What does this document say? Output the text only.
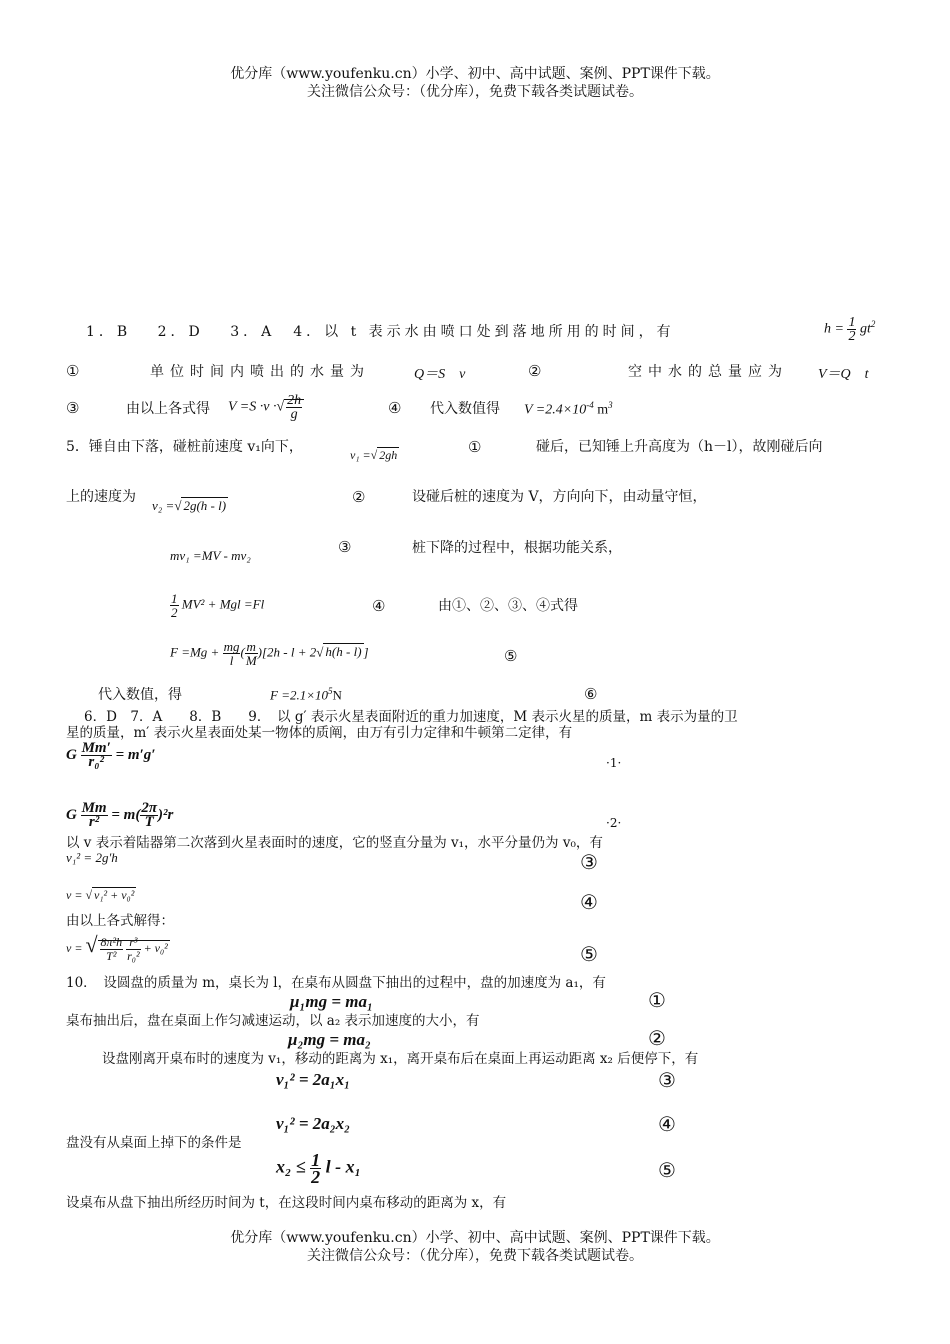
优分库（www.youfenku.cn）小学、初中、高中试题、案例、PPT课件下载。
关注微信公众号：（优分库），免费下载各类试题试卷。
1．B　 2．D　 3．A　4．以 t 表示水由喷口处到落地所用的时间，有	$h = \frac{1}{2} gt^2$
①	单位时间内喷出的水量为	Q＝S　v	②	空中水的总量应为 V＝Q　t
③	由以上各式得 V =S ·v ·√ $\frac{2h}{g}$	④ 代入数值得 $V =2.4\times 10^{-4}$ $m^3$
5．锤自由下落，碰桩前速度 v₁向下，	v₁ =√ 2gh	①	碰后，已知锤上升高度为（h－l），故刚碰后向
上的速度为
v₂ =√ 2g(h - l)	②	设碰后桩的速度为 V，方向向下，由动量守恒，
mv₁ =MV - mv₂	③	桩下降的过程中，根据功能关系，
$\frac{1}{2} MV^2$ + Mgl =Fl	④	由①、②、③、④式得
$F =Mg + \frac{mg}{l}$ ( $\frac{m}{M} )[2h - l + 2√$ h(h - l) ]	⑤
代入数值，得	$F =2.1\times 10^5N$	⑥
6．D　7．A　　8．B　　9．　以 g′ 表示火星表面附近的重力加速度，M 表示火星的质量，m 表示为量的卫
星的质量，m′ 表示火星表面处某一物体的质阐，由万有引力定律和牛顿第二定律，有
G $\frac{Mm'}{\text{r₀²}} = m'g'$
·1·
G $\frac{Mm}{\text{r²}} = m( \frac{2\pi}{T} )^2r$
·2·
以 v 表示着陆器第二次落到火星表面时的速度，它的竖直分量为 v₁，水平分量仍为 v₀，有
v₁² = 2g′h	③
v = √ v₁² + v₀²	④
由以上各式解得：
v = √ $\frac{\text{8π²h}}{\text{T²}}$
$\frac{\text{r³}}{\text{r₀²}} + v_0^2$	⑤
10．　设圆盘的质量为 m，桌长为 l，在桌布从圆盘下抽出的过程中，盘的加速度为 a₁，有
μ₁mg = ma₁	①
桌布抽出后，盘在桌面上作匀减速运动，以 a₂ 表示加速度的大小，有
μ₂mg = ma₂	②
设盘刚离开桌布时的速度为 v₁，移动的距离为 x₁，离开桌布后在桌面上再运动距离 x₂ 后便停下，有
v₁² = 2a₁x₁	③
v₁² = 2a₂x₂	④
盘没有从桌面上掉下的条件是
$x_2 \le \frac{1}{2}$ l - x₁	⑤
设桌布从盘下抽出所经历时间为 t，在这段时间内桌布移动的距离为 x，有
优分库（www.youfenku.cn）小学、初中、高中试题、案例、PPT课件下载。
关注微信公众号：（优分库），免费下载各类试题试卷。
